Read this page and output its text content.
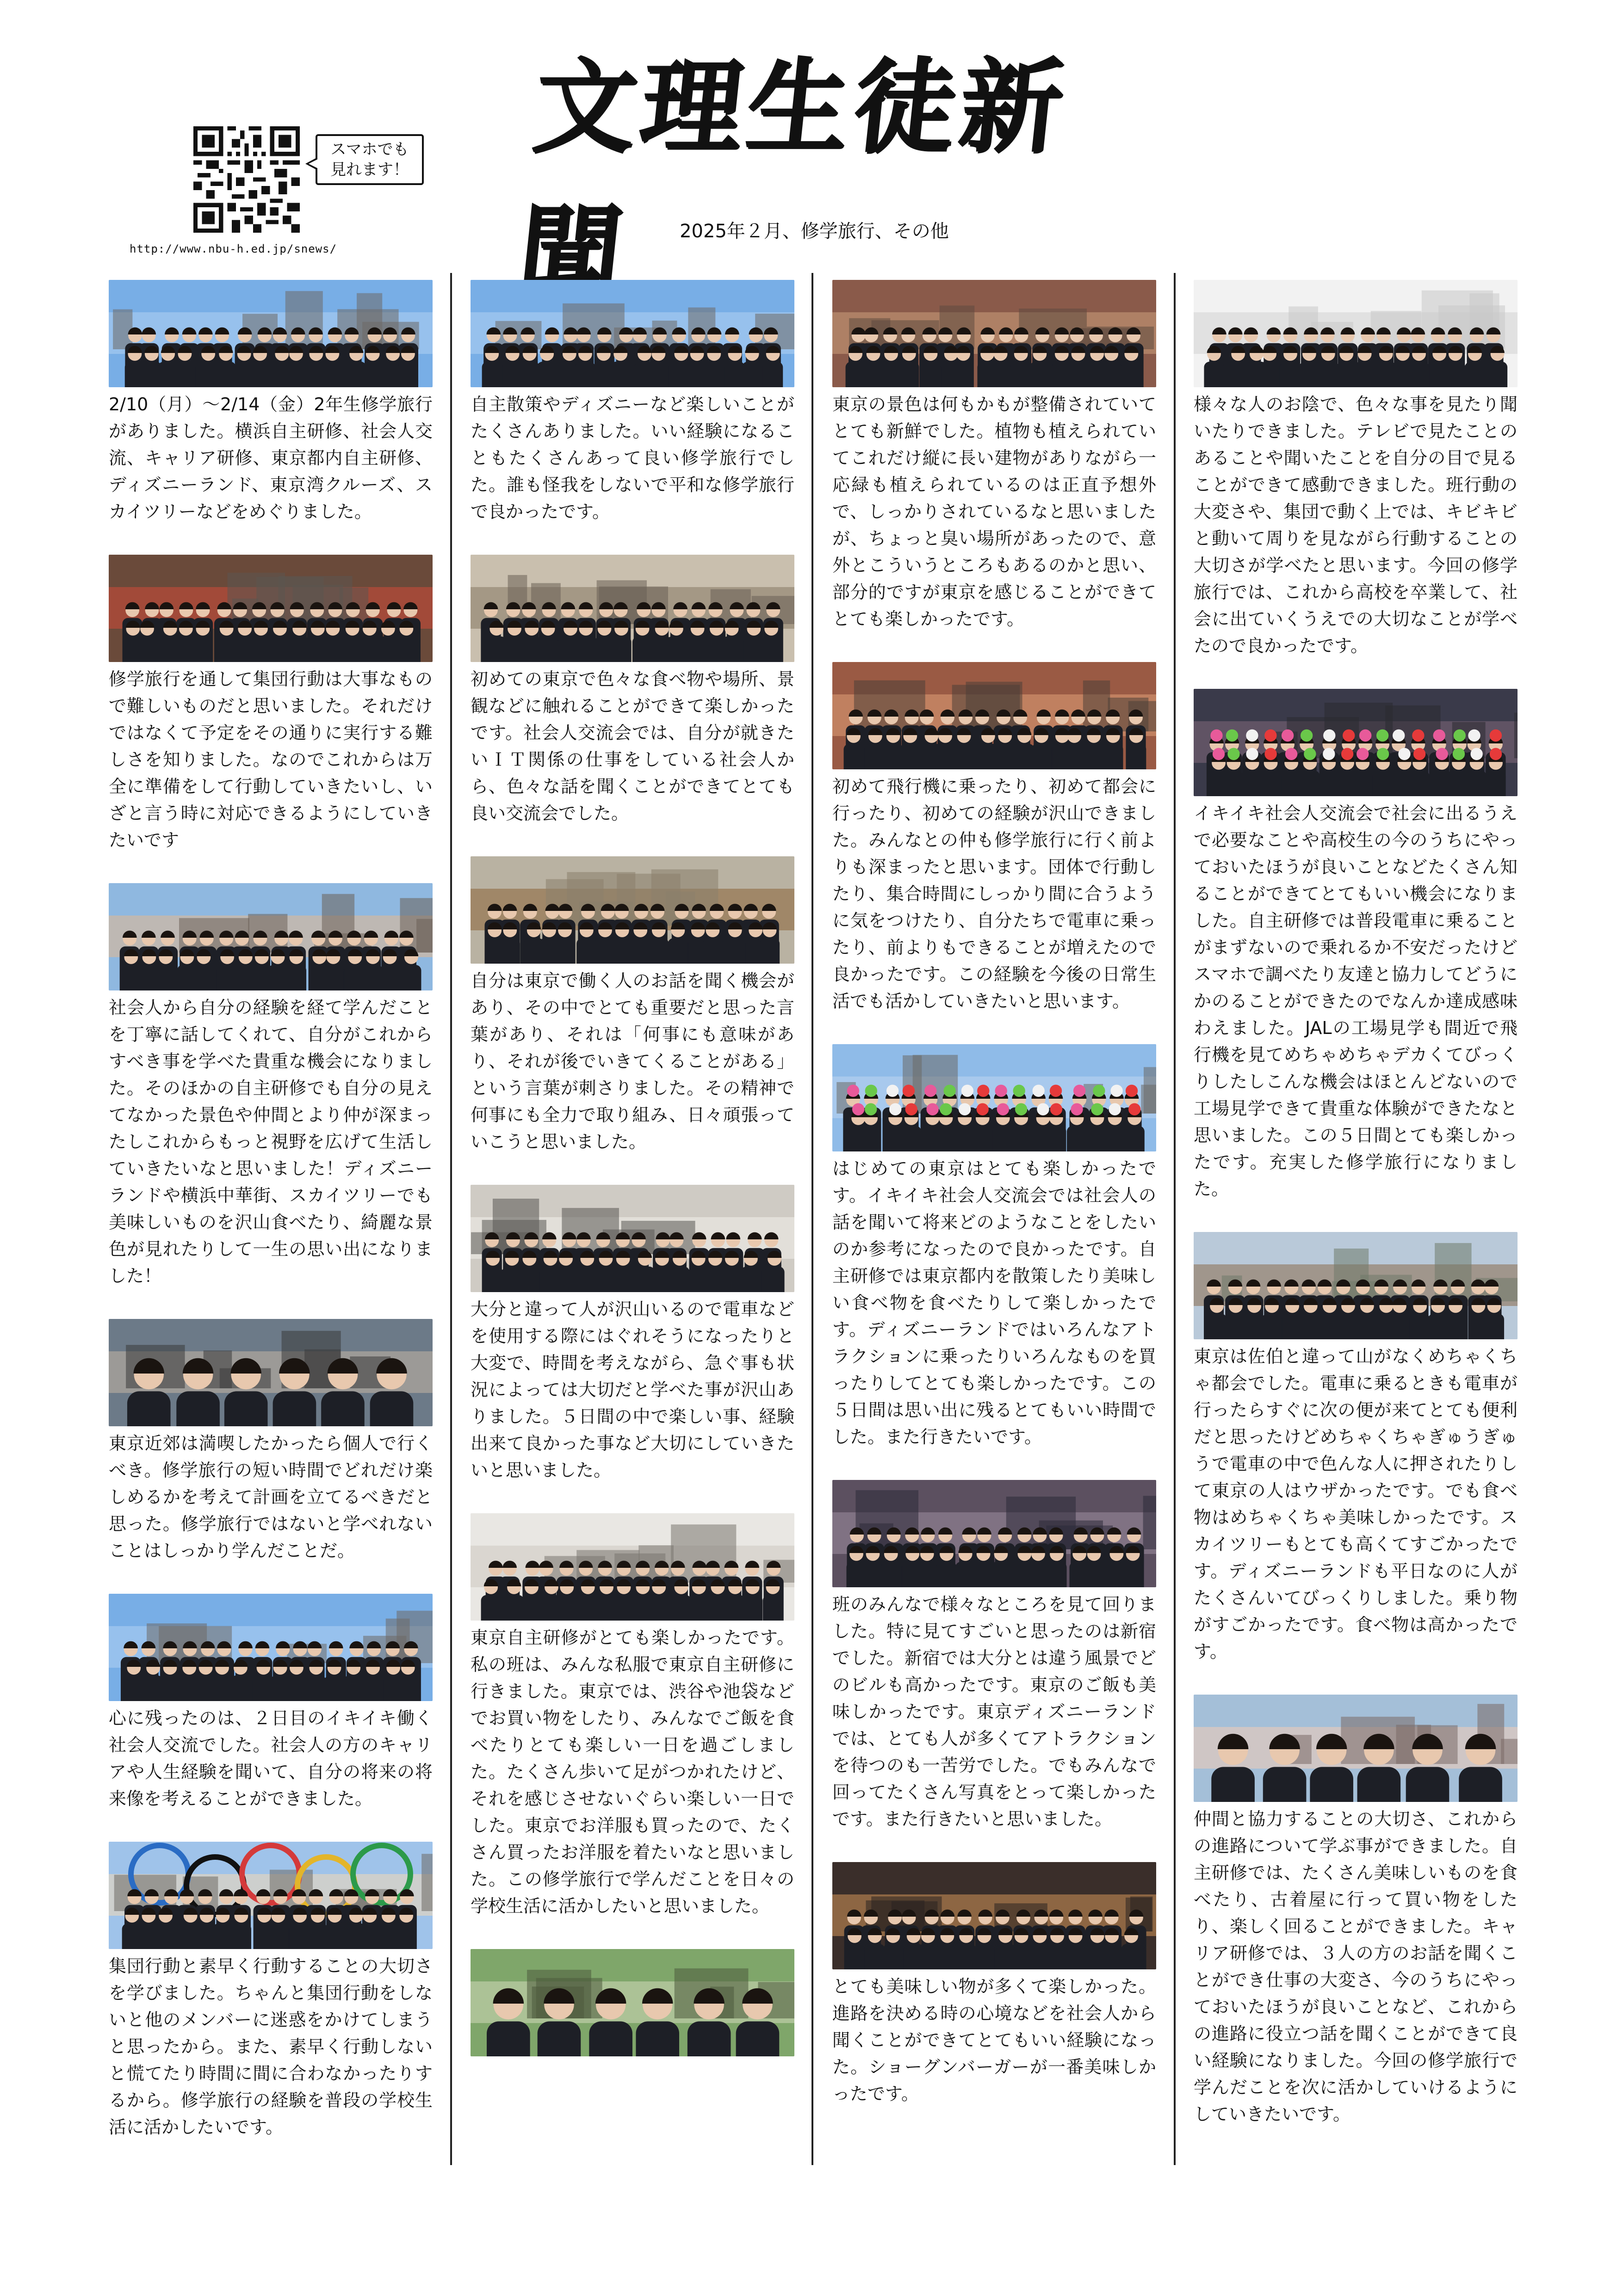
スマホでも
見れます！
http://www.nbu-h.ed.jp/snews/
文理生徒新聞	2025年２月、修学旅行、その他
2/10（月）～2/14（金）2年生修学旅行がありました。横浜自主研修、社会人交流、キャリア研修、東京都内自主研修、ディズニーランド、東京湾クルーズ、スカイツリーなどをめぐりました。
修学旅行を通して集団行動は大事なもので難しいものだと思いました。それだけではなくて予定をその通りに実行する難しさを知りました。なのでこれからは万全に準備をして行動していきたいし、いざと言う時に対応できるようにしていきたいです
社会人から自分の経験を経て学んだことを丁寧に話してくれて、自分がこれからすべき事を学べた貴重な機会になりました。そのほかの自主研修でも自分の見えてなかった景色や仲間とより仲が深まったしこれからもっと視野を広げて生活していきたいなと思いました！ディズニーランドや横浜中華街、スカイツリーでも美味しいものを沢山食べたり、綺麗な景色が見れたりして一生の思い出になりました！
東京近郊は満喫したかったら個人で行くべき。修学旅行の短い時間でどれだけ楽しめるかを考えて計画を立てるべきだと思った。修学旅行ではないと学べれないことはしっかり学んだことだ。
心に残ったのは、２日目のイキイキ働く社会人交流でした。社会人の方のキャリアや人生経験を聞いて、自分の将来の将来像を考えることができました。
集団行動と素早く行動することの大切さを学びました。ちゃんと集団行動をしないと他のメンバーに迷惑をかけてしまうと思ったから。また、素早く行動しないと慌てたり時間に間に合わなかったりするから。修学旅行の経験を普段の学校生活に活かしたいです。
自主散策やディズニーなど楽しいことがたくさんありました。いい経験になることもたくさんあって良い修学旅行でした。誰も怪我をしないで平和な修学旅行で良かったです。
初めての東京で色々な食べ物や場所、景観などに触れることができて楽しかったです。社会人交流会では、自分が就きたいＩＴ関係の仕事をしている社会人から、色々な話を聞くことができてとても良い交流会でした。
自分は東京で働く人のお話を聞く機会があり、その中でとても重要だと思った言葉があり、それは「何事にも意味があり、それが後でいきてくることがある」という言葉が刺さりました。その精神で何事にも全力で取り組み、日々頑張っていこうと思いました。
大分と違って人が沢山いるので電車などを使用する際にはぐれそうになったりと大変で、時間を考えながら、急ぐ事も状況によっては大切だと学べた事が沢山ありました。５日間の中で楽しい事、経験出来て良かった事など大切にしていきたいと思いました。
東京自主研修がとても楽しかったです。私の班は、みんな私服で東京自主研修に行きました。東京では、渋谷や池袋などでお買い物をしたり、みんなでご飯を食べたりとても楽しい一日を過ごしました。たくさん歩いて足がつかれたけど、それを感じさせないぐらい楽しい一日でした。東京でお洋服も買ったので、たくさん買ったお洋服を着たいなと思いました。この修学旅行で学んだことを日々の学校生活に活かしたいと思いました。
東京の景色は何もかもが整備されていてとても新鮮でした。植物も植えられていてこれだけ縦に長い建物がありながら一応緑も植えられているのは正直予想外で、しっかりされているなと思いましたが、ちょっと臭い場所があったので、意外とこういうところもあるのかと思い、部分的ですが東京を感じることができてとても楽しかったです。
初めて飛行機に乗ったり、初めて都会に行ったり、初めての経験が沢山できました。みんなとの仲も修学旅行に行く前よりも深まったと思います。団体で行動したり、集合時間にしっかり間に合うように気をつけたり、自分たちで電車に乗ったり、前よりもできることが増えたので良かったです。この経験を今後の日常生活でも活かしていきたいと思います。
はじめての東京はとても楽しかったです。イキイキ社会人交流会では社会人の話を聞いて将来どのようなことをしたいのか参考になったので良かったです。自主研修では東京都内を散策したり美味しい食べ物を食べたりして楽しかったです。ディズニーランドではいろんなアトラクションに乗ったりいろんなものを買ったりしてとても楽しかったです。この５日間は思い出に残るとてもいい時間でした。また行きたいです。
班のみんなで様々なところを見て回りました。特に見てすごいと思ったのは新宿でした。新宿では大分とは違う風景でどのビルも高かったです。東京のご飯も美味しかったです。東京ディズニーランドでは、とても人が多くてアトラクションを待つのも一苦労でした。でもみんなで回ってたくさん写真をとって楽しかったです。また行きたいと思いました。
とても美味しい物が多くて楽しかった。進路を決める時の心境などを社会人から聞くことができてとてもいい経験になった。ショーグンバーガーが一番美味しかったです。
様々な人のお陰で、色々な事を見たり聞いたりできました。テレビで見たことのあることや聞いたことを自分の目で見ることができて感動できました。班行動の大変さや、集団で動く上では、キビキビと動いて周りを見ながら行動することの大切さが学べたと思います。今回の修学旅行では、これから高校を卒業して、社会に出ていくうえでの大切なことが学べたので良かったです。
イキイキ社会人交流会で社会に出るうえで必要なことや高校生の今のうちにやっておいたほうが良いことなどたくさん知ることができてとてもいい機会になりました。自主研修では普段電車に乗ることがまずないので乗れるか不安だったけどスマホで調べたり友達と協力してどうにかのることができたのでなんか達成感味わえました。JALの工場見学も間近で飛行機を見てめちゃめちゃデカくてびっくりしたしこんな機会はほとんどないので工場見学できて貴重な体験ができたなと思いました。この５日間とても楽しかったです。充実した修学旅行になりました。
東京は佐伯と違って山がなくめちゃくちゃ都会でした。電車に乗るときも電車が行ったらすぐに次の便が来てとても便利だと思ったけどめちゃくちゃぎゅうぎゅうで電車の中で色んな人に押されたりして東京の人はウザかったです。でも食べ物はめちゃくちゃ美味しかったです。スカイツリーもとても高くてすごかったです。ディズニーランドも平日なのに人がたくさんいてびっくりしました。乗り物がすごかったです。食べ物は高かったです。
仲間と協力することの大切さ、これからの進路について学ぶ事ができました。自主研修では、たくさん美味しいものを食べたり、古着屋に行って買い物をしたり、楽しく回ることができました。キャリア研修では、３人の方のお話を聞くことができ仕事の大変さ、今のうちにやっておいたほうが良いことなど、これからの進路に役立つ話を聞くことができて良い経験になりました。今回の修学旅行で学んだことを次に活かしていけるようにしていきたいです。
